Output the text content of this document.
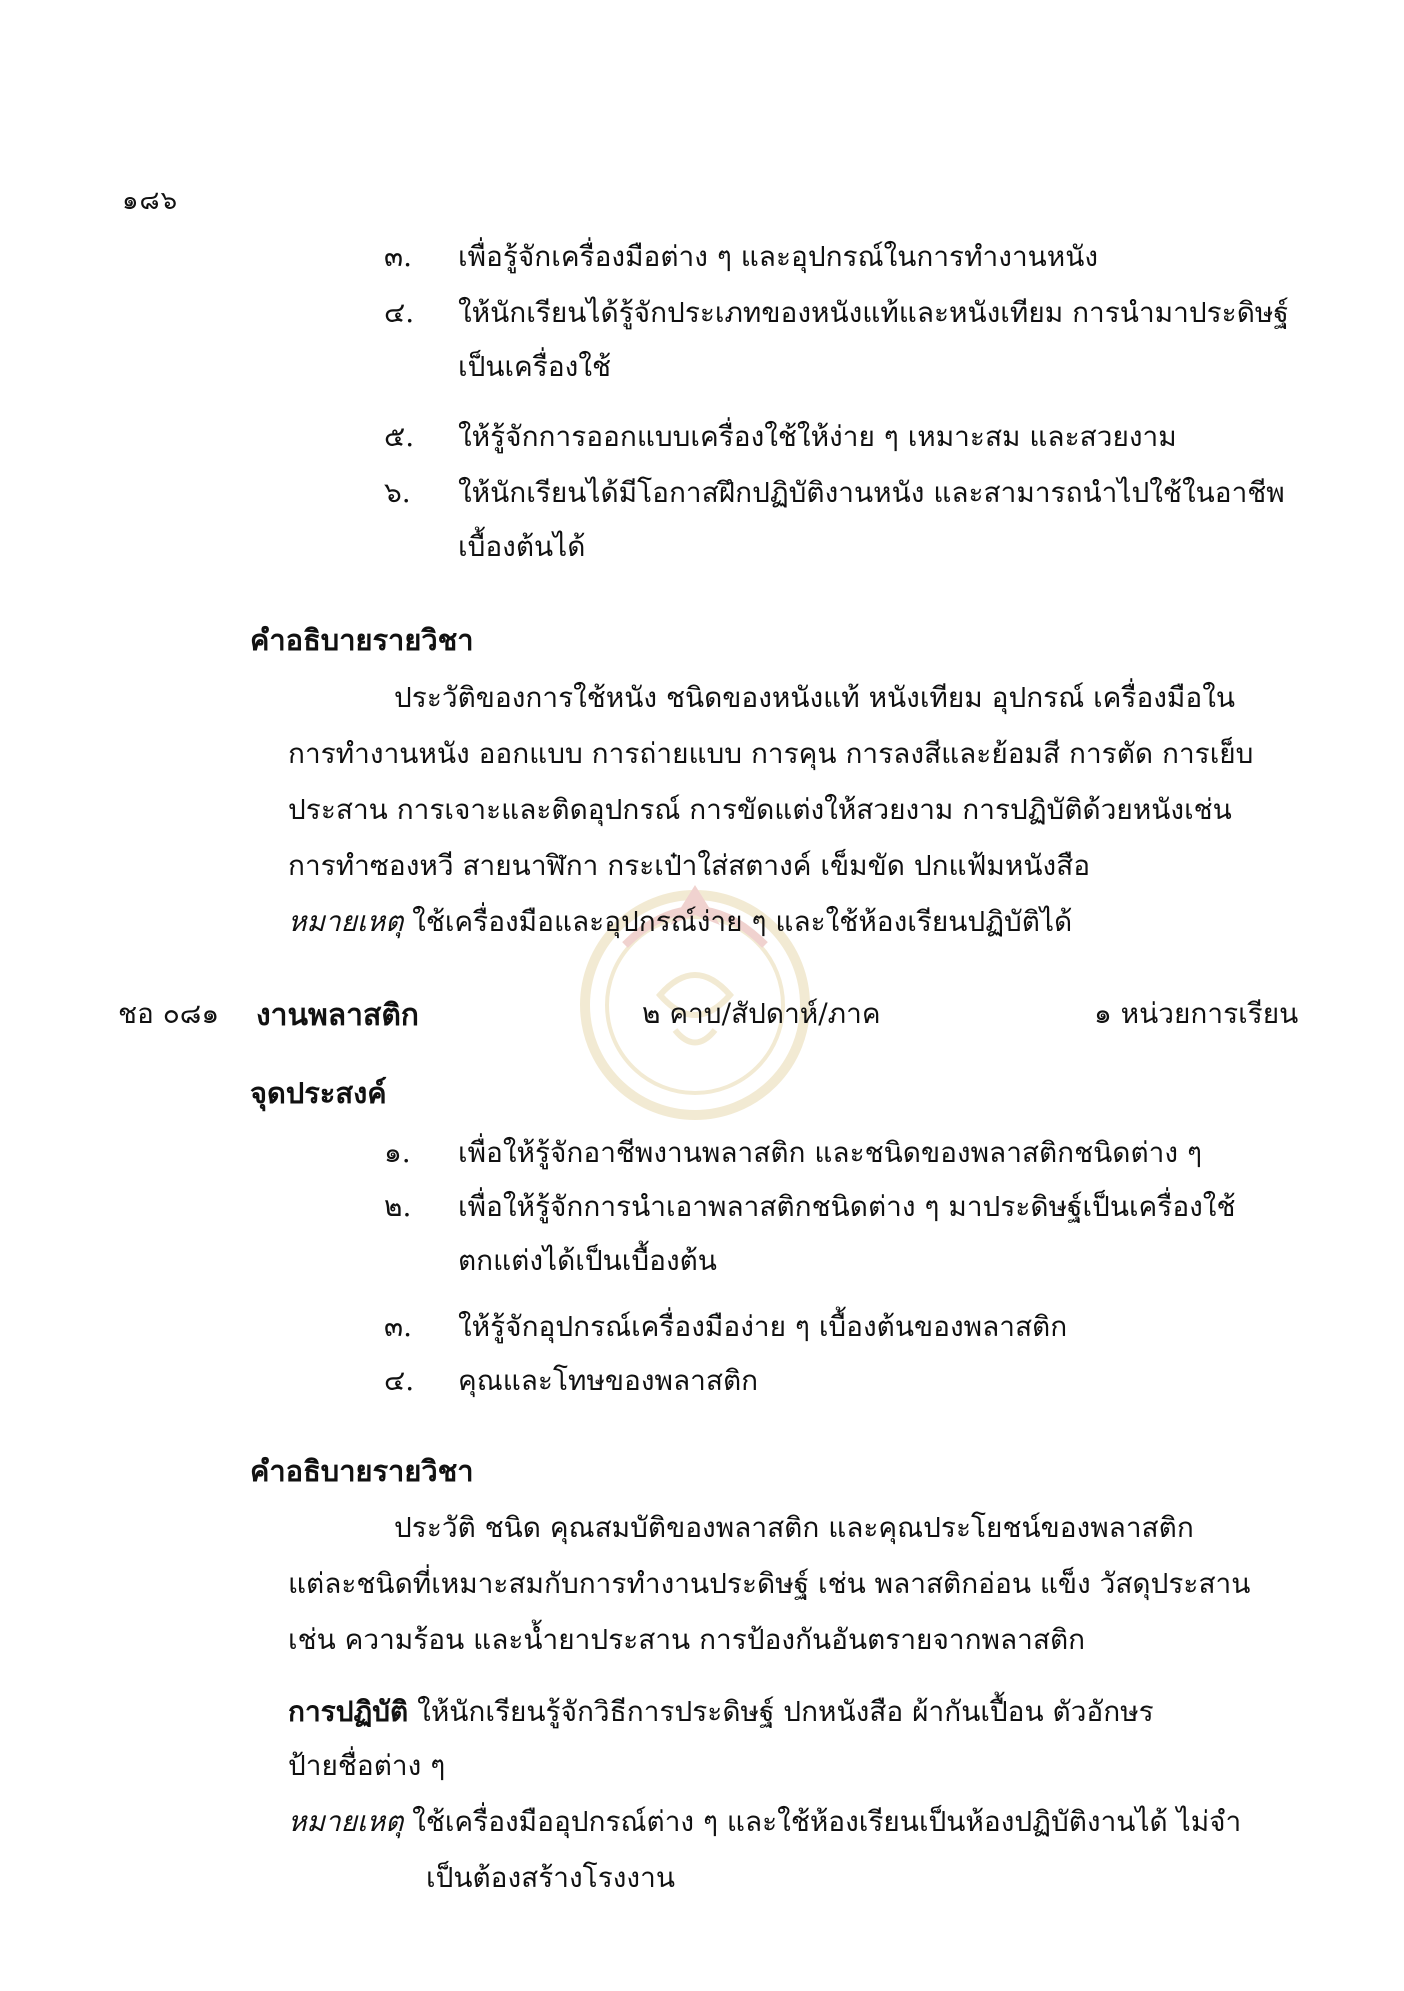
๑๘๖
๓. เพื่อรู้จักเครื่องมือต่าง ๆ และอุปกรณ์ในการทำงานหนัง
๔. ให้นักเรียนได้รู้จักประเภทของหนังแท้และหนังเทียม การนำมาประดิษฐ์
เป็นเครื่องใช้
๕. ให้รู้จักการออกแบบเครื่องใช้ให้ง่าย ๆ เหมาะสม และสวยงาม
๖. ให้นักเรียนได้มีโอกาสฝึกปฏิบัติงานหนัง และสามารถนำไปใช้ในอาชีพ
เบื้องต้นได้
คำอธิบายรายวิชา
ประวัติของการใช้หนัง ชนิดของหนังแท้ หนังเทียม อุปกรณ์ เครื่องมือใน
การทำงานหนัง ออกแบบ การถ่ายแบบ การคุน การลงสีและย้อมสี การตัด การเย็บ
ประสาน การเจาะและติดอุปกรณ์ การขัดแต่งให้สวยงาม การปฏิบัติด้วยหนังเช่น
การทำซองหวี สายนาฬิกา กระเป๋าใส่สตางค์ เข็มขัด ปกแฟ้มหนังสือ
หมายเหตุ ใช้เครื่องมือและอุปกรณ์ง่าย ๆ และใช้ห้องเรียนปฏิบัติได้
ชอ ๐๘๑ งานพลาสติก	๒ คาบ/สัปดาห์/ภาค	๑ หน่วยการเรียน
จุดประสงค์
๑. เพื่อให้รู้จักอาชีพงานพลาสติก และชนิดของพลาสติกชนิดต่าง ๆ
๒. เพื่อให้รู้จักการนำเอาพลาสติกชนิดต่าง ๆ มาประดิษฐ์เป็นเครื่องใช้
ตกแต่งได้เป็นเบื้องต้น
๓. ให้รู้จักอุปกรณ์เครื่องมือง่าย ๆ เบื้องต้นของพลาสติก
๔. คุณและโทษของพลาสติก
คำอธิบายรายวิชา
ประวัติ ชนิด คุณสมบัติของพลาสติก และคุณประโยชน์ของพลาสติก
แต่ละชนิดที่เหมาะสมกับการทำงานประดิษฐ์ เช่น พลาสติกอ่อน แข็ง วัสดุประสาน
เช่น ความร้อน และน้ำยาประสาน การป้องกันอันตรายจากพลาสติก
การปฏิบัติ ให้นักเรียนรู้จักวิธีการประดิษฐ์ ปกหนังสือ ผ้ากันเปื้อน ตัวอักษร
ป้ายชื่อต่าง ๆ
หมายเหตุ ใช้เครื่องมืออุปกรณ์ต่าง ๆ และใช้ห้องเรียนเป็นห้องปฏิบัติงานได้ ไม่จำ
เป็นต้องสร้างโรงงาน
